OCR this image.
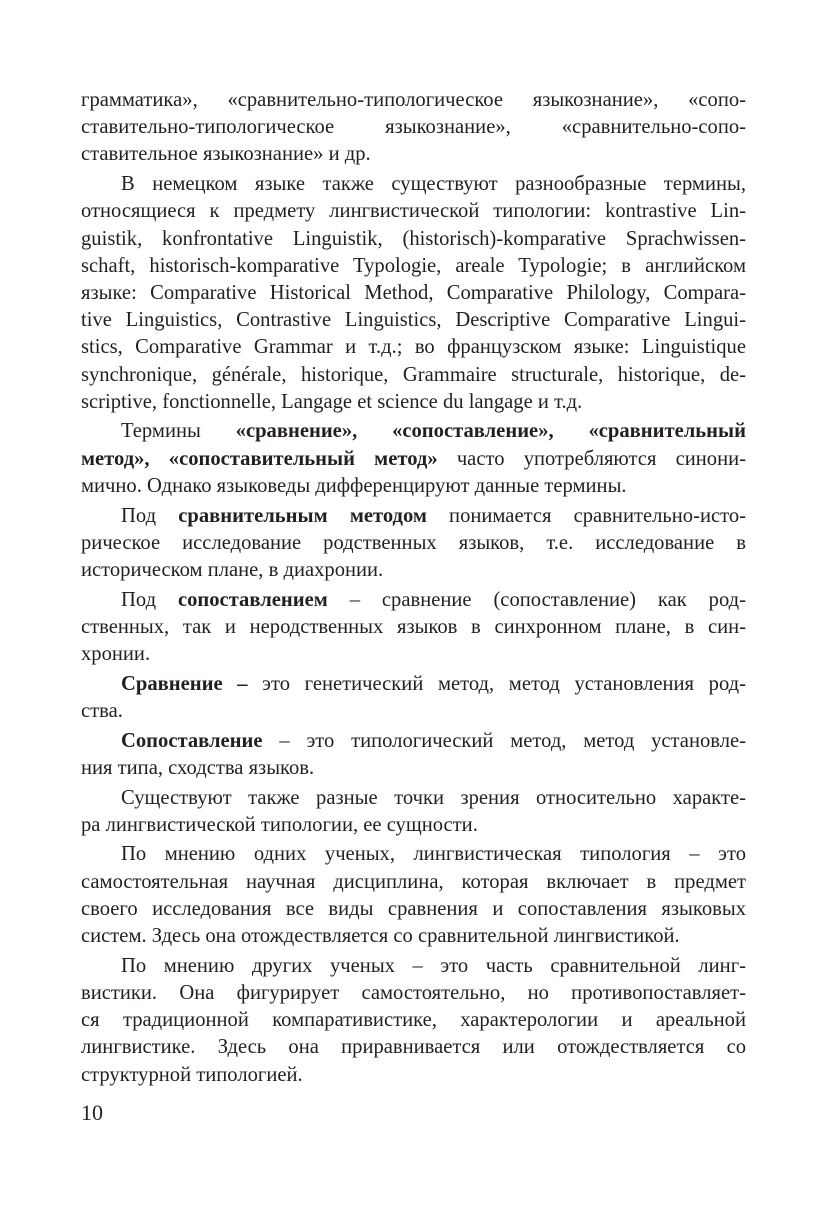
грамматика», «сравнительно-типологическое языкознание», «сопо-
ставительно-типологическое языкознание», «сравнительно-сопо-
ставительное языкознание» и др.

В немецком языке также существуют разнообразные термины,
относящиеся к предмету лингвистической типологии: kontrastive Lin-
guistik, konfrontative Linguistik, (historisch)-komparative Sprachwissen-
schaft, historisch-komparative Typologie, areale Typologie; в английском
языке: Comparative Historical Method, Comparative Philology, Compara-
tive Linguistics, Contrastive Linguistics, Descriptive Comparative Lingui-
stics, Comparative Grammar и т.д.; во французском языке: Linguistique
synchronique, générale, historique, Grammaire structurale, historique, de-
scriptive, fonctionnelle, Langage et science du langage и т.д.

Термины «сравнение», «сопоставление», «сравнительный
метод», «сопоставительный метод» часто употребляются синони-
мично. Однако языковеды дифференцируют данные термины.

Под сравнительным методом понимается сравнительно-исто-
рическое исследование родственных языков, т.е. исследование в
историческом плане, в диахронии.

Под сопоставлением – сравнение (сопоставление) как род-
ственных, так и неродственных языков в синхронном плане, в син-
хронии.

Сравнение – это генетический метод, метод установления род-
ства.

Сопоставление – это типологический метод, метод установле-
ния типа, сходства языков.

Существуют также разные точки зрения относительно характе-
ра лингвистической типологии, ее сущности.

По мнению одних ученых, лингвистическая типология – это
самостоятельная научная дисциплина, которая включает в предмет
своего исследования все виды сравнения и сопоставления языковых
систем. Здесь она отождествляется со сравнительной лингвистикой.

По мнению других ученых – это часть сравнительной линг-
вистики. Она фигурирует самостоятельно, но противопоставляет-
ся традиционной компаративистике, характерологии и ареальной
лингвистике. Здесь она приравнивается или отождествляется со
структурной типологией.

10
